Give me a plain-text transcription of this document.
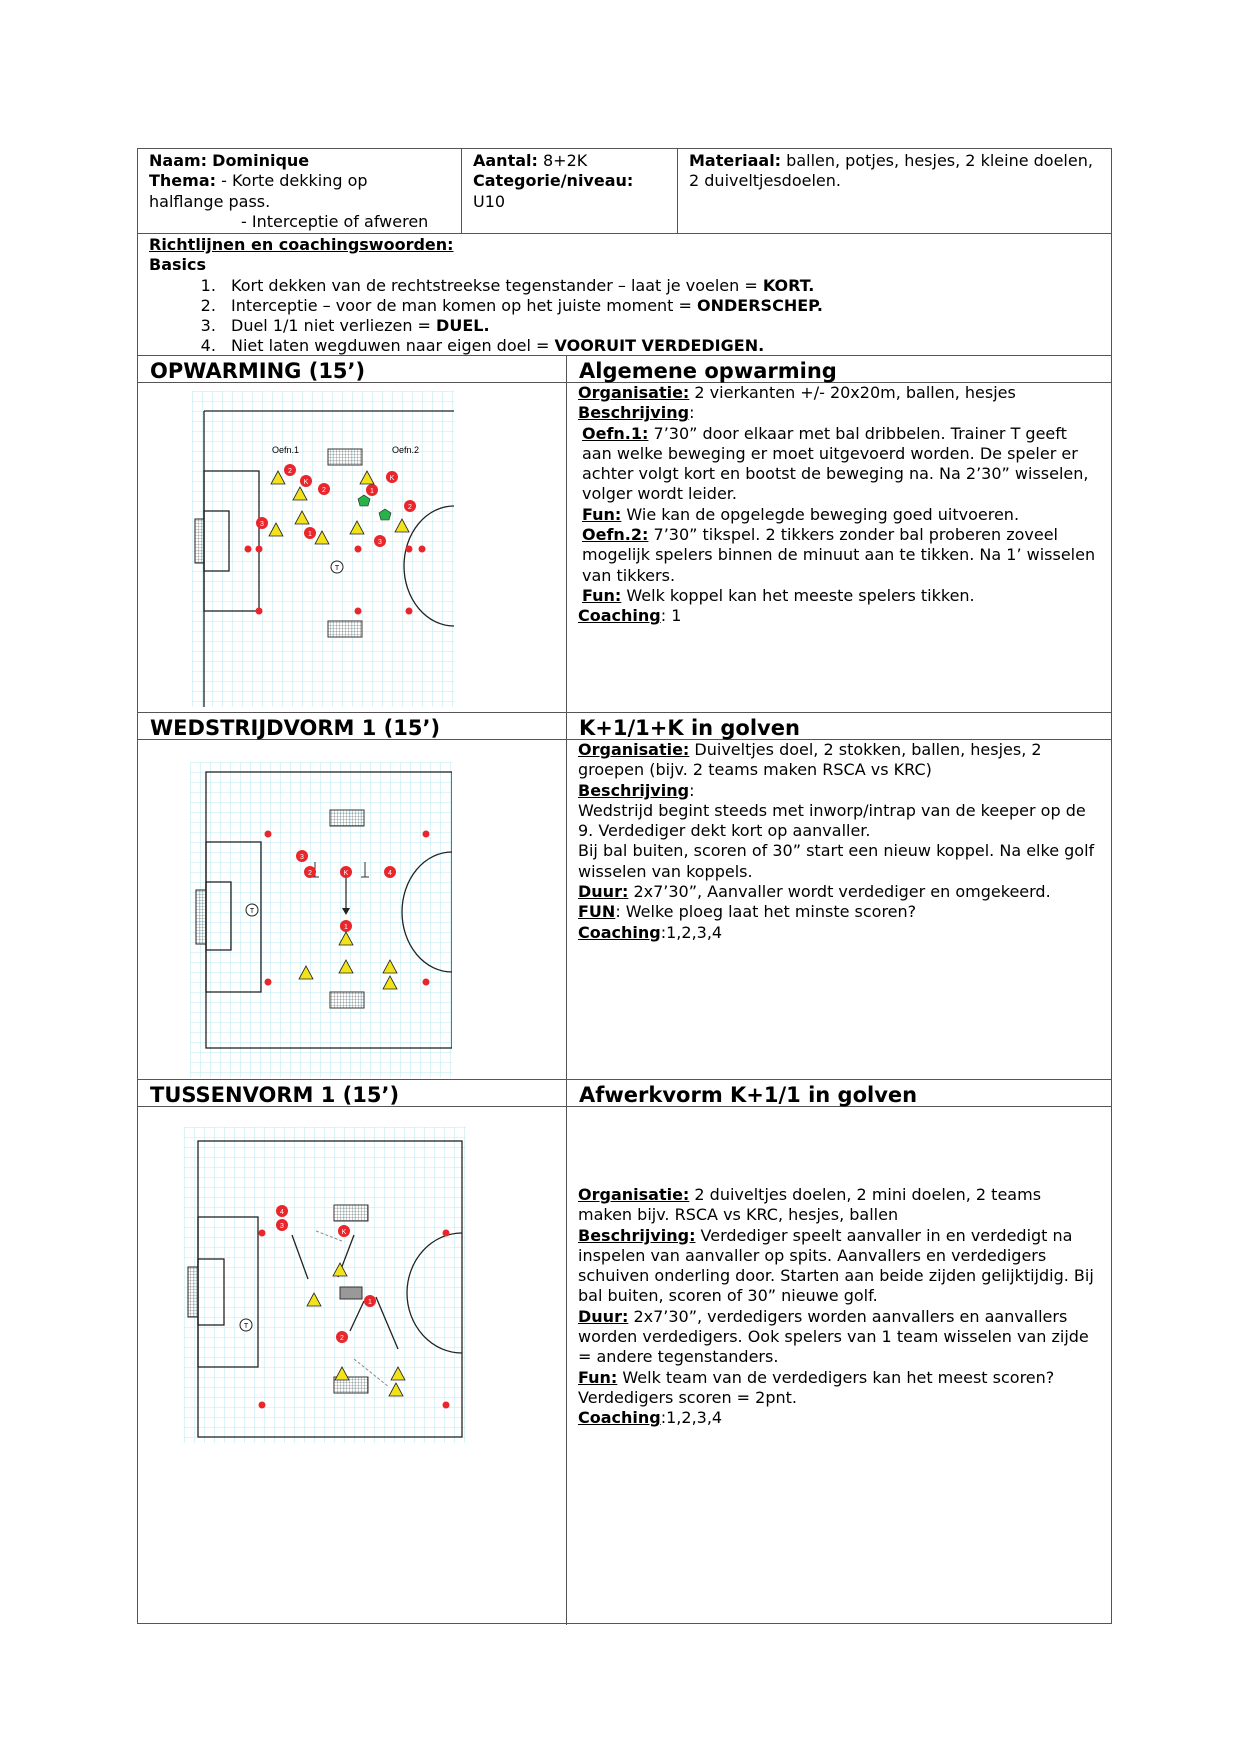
Naam: Dominique
Thema: - Korte dekking op
halflange pass.
- Interceptie of afweren
Aantal: 8+2K
Categorie/niveau:
U10
Materiaal: ballen, potjes, hesjes, 2 kleine doelen, 2 duiveltjesdoelen.
Richtlijnen en coachingswoorden:
Basics
1. Kort dekken van de rechtstreekse tegenstander – laat je voelen = KORT.
2. Interceptie – voor de man komen op het juiste moment = ONDERSCHEP.
3. Duel 1/1 niet verliezen = DUEL.
4. Niet laten wegduwen naar eigen doel = VOORUIT VERDEDIGEN.
OPWARMING (15’)	Algemene opwarming
Oefn.1	Oefn.2
2
K
2
3
1
1
K
2
3
T
Organisatie: 2 vierkanten +/- 20x20m, ballen, hesjes
Beschrijving:
Oefn.1: 7’30” door elkaar met bal dribbelen. Trainer T geeft aan welke beweging er moet uitgevoerd worden. De speler er achter volgt kort en bootst de beweging na. Na 2’30” wisselen, volger wordt leider.
Fun: Wie kan de opgelegde beweging goed uitvoeren.
Oefn.2: 7’30” tikspel. 2 tikkers zonder bal proberen zoveel mogelijk spelers binnen de minuut aan te tikken. Na 1’ wisselen van tikkers.
Fun: Welk koppel kan het meeste spelers tikken.
Coaching: 1
WEDSTRIJDVORM 1 (15’)	K+1/1+K in golven
3
2	K	4
1
T
Organisatie: Duiveltjes doel, 2 stokken, ballen, hesjes, 2 groepen (bijv. 2 teams maken RSCA vs KRC)
Beschrijving:
Wedstrijd begint steeds met inworp/intrap van de keeper op de 9. Verdediger dekt kort op aanvaller.
Bij bal buiten, scoren of 30” start een nieuw koppel. Na elke golf wisselen van koppels.
Duur: 2x7’30”, Aanvaller wordt verdediger en omgekeerd.
FUN: Welke ploeg laat het minste scoren?
Coaching:1,2,3,4
TUSSENVORM 1 (15’)	Afwerkvorm K+1/1 in golven
4
3
K
1
2
T
Organisatie: 2 duiveltjes doelen, 2 mini doelen, 2 teams maken bijv. RSCA vs KRC, hesjes, ballen
Beschrijving: Verdediger speelt aanvaller in en verdedigt na inspelen van aanvaller op spits. Aanvallers en verdedigers schuiven onderling door. Starten aan beide zijden gelijktijdig. Bij bal buiten, scoren of 30” nieuwe golf.
Duur: 2x7’30”, verdedigers worden aanvallers en aanvallers worden verdedigers. Ook spelers van 1 team wisselen van zijde = andere tegenstanders.
Fun: Welk team van de verdedigers kan het meest scoren? Verdedigers scoren = 2pnt.
Coaching:1,2,3,4
